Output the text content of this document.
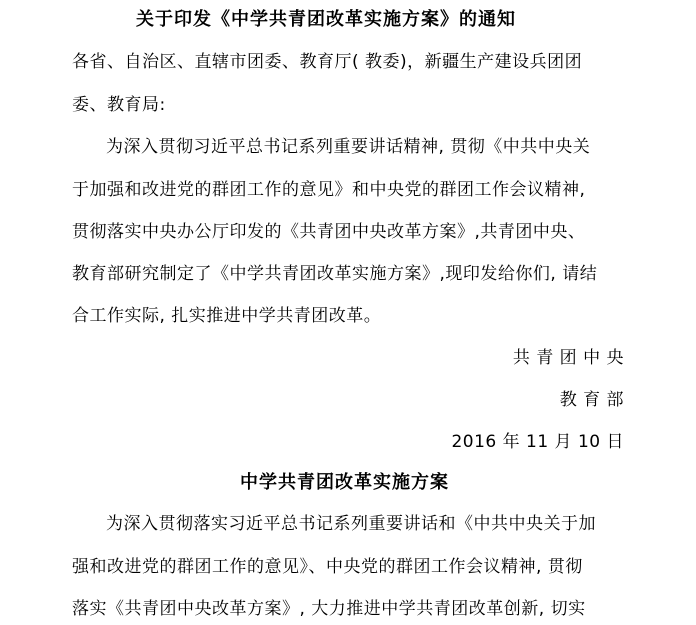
关于印发《中学共青团改革实施方案》的通知
各省、自治区、直辖市团委、教育厅( 教委)，新疆生产建设兵团团
委、教育局:
为深入贯彻习近平总书记系列重要讲话精神, 贯彻《中共中央关
于加强和改进党的群团工作的意见》和中央党的群团工作会议精神,
贯彻落实中央办公厅印发的《共青团中央改革方案》,共青团中央、
教育部研究制定了《中学共青团改革实施方案》,现印发给你们, 请结
合工作实际, 扎实推进中学共青团改革。
共 青 团 中 央
教 育 部
2016 年 11 月 10 日
中学共青团改革实施方案
为深入贯彻落实习近平总书记系列重要讲话和《中共中央关于加
强和改进党的群团工作的意见》、中央党的群团工作会议精神, 贯彻
落实《共青团中央改革方案》, 大力推进中学共青团改革创新, 切实
